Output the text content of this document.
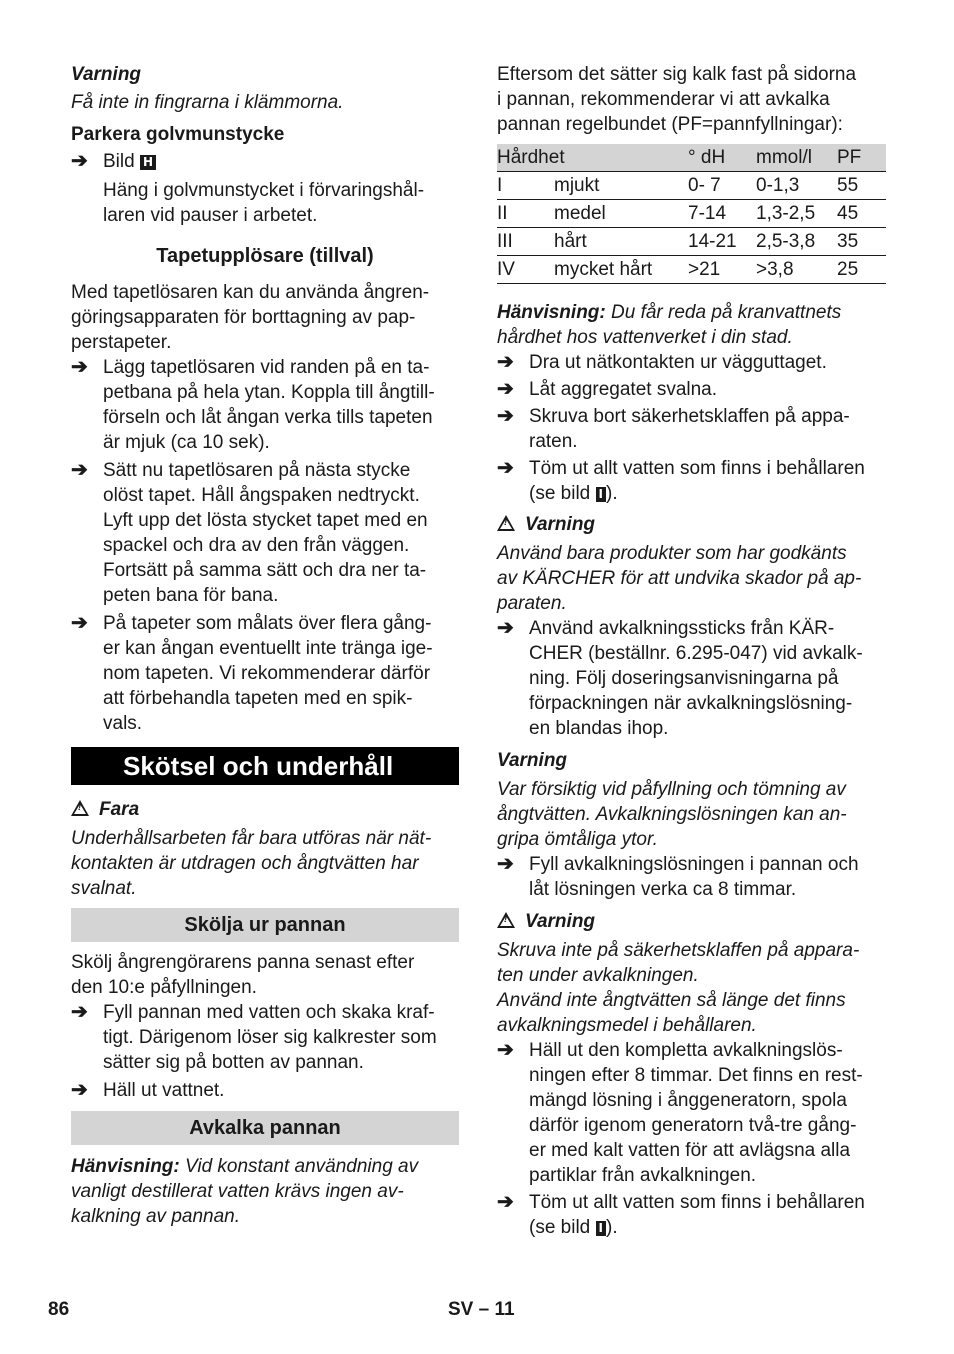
Varning

Få inte in fingrarna i klämmorna.

Parkera golvmunstycke

➔ Bild H

Häng i golvmunstycket i förvaringshål-

laren vid pauser i arbetet.

Tapetupplösare (tillval)

Med tapetlösaren kan du använda ångren-

göringsapparaten för borttagning av pap-

perstapeter.

➔ Lägg tapetlösaren vid randen på en ta-

petbana på hela ytan. Koppla till ångtill-

förseln och låt ångan verka tills tapeten

är mjuk (ca 10 sek).

➔ Sätt nu tapetlösaren på nästa stycke

olöst tapet. Håll ångspaken nedtryckt.

Lyft upp det lösta stycket tapet med en

spackel och dra av den från väggen.

Fortsätt på samma sätt och dra ner ta-

peten bana för bana.

➔ På tapeter som målats över flera gång-

er kan ångan eventuellt inte tränga ige-

nom tapeten. Vi rekommenderar därför

att förbehandla tapeten med en spik-

vals.

Skötsel och underhåll

!Fara

Underhållsarbeten får bara utföras när nät-

kontakten är utdragen och ångtvätten har

svalnat.

Skölja ur pannan

Skölj ångrengörarens panna senast efter

den 10:e påfyllningen.

➔ Fyll pannan med vatten och skaka kraf-

tigt. Därigenom löser sig kalkrester som

sätter sig på botten av pannan.

➔ Häll ut vattnet.

Avkalka pannan

Hänvisning: Vid konstant användning av

vanligt destillerat vatten krävs ingen av-

kalkning av pannan.

Eftersom det sätter sig kalk fast på sidorna

i pannan, rekommenderar vi att avkalka

pannan regelbundet (PF=pannfyllningar):

Hårdhet		° dH	mmol/l	PF
I	mjukt	0- 7	0-1,3	55
II	medel	7-14	1,3-2,5	45
III	hårt	14-21	2,5-3,8	35
IV	mycket hårt	>21	>3,8	25

Hänvisning: Du får reda på kranvattnets

hårdhet hos vattenverket i din stad.

➔ Dra ut nätkontakten ur vägguttaget.

➔ Låt aggregatet svalna.

➔ Skruva bort säkerhetsklaffen på appa-

raten.

➔ Töm ut allt vatten som finns i behållaren

(se bild I ).

!Varning

Använd bara produkter som har godkänts

av KÄRCHER för att undvika skador på ap-

paraten.

➔ Använd avkalkningssticks från KÄR-

CHER (beställnr. 6.295-047) vid avkalk-

ning. Följ doseringsanvisningarna på

förpackningen när avkalkningslösning-

en blandas ihop.

Varning

Var försiktig vid påfyllning och tömning av

ångtvätten. Avkalkningslösningen kan an-

gripa ömtåliga ytor.

➔ Fyll avkalkningslösningen i pannan och

låt lösningen verka ca 8 timmar.

!Varning

Skruva inte på säkerhetsklaffen på appara-

ten under avkalkningen.

Använd inte ångtvätten så länge det finns

avkalkningsmedel i behållaren.

➔ Häll ut den kompletta avkalkningslös-

ningen efter 8 timmar. Det finns en rest-

mängd lösning i ånggeneratorn, spola

därför igenom generatorn två-tre gång-

er med kalt vatten för att avlägsna alla

partiklar från avkalkningen.

➔ Töm ut allt vatten som finns i behållaren

(se bild I ).

86	SV – 11
